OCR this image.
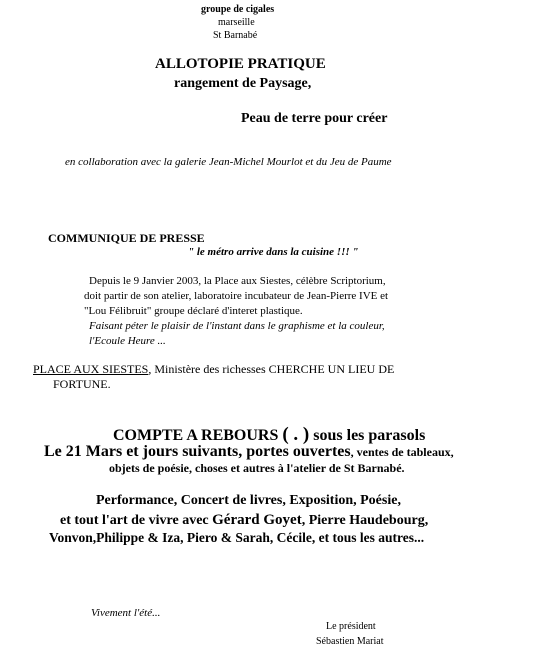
groupe de cigales
marseille
St Barnabé
ALLOTOPIE PRATIQUE
rangement de Paysage,
Peau de terre pour créer
en collaboration avec la galerie Jean-Michel Mourlot et du Jeu de Paume
COMMUNIQUE DE PRESSE
" le métro arrive dans la cuisine !!! "
Depuis le 9 Janvier 2003, la Place aux Siestes, célèbre Scriptorium,
doit partir de son atelier, laboratoire incubateur de Jean-Pierre IVE et
"Lou Félibruit" groupe déclaré d'interet plastique.
Faisant péter le plaisir de l'instant dans le graphisme et la couleur,
l'Ecoule Heure ...
PLACE AUX SIESTES, Ministère des richesses CHERCHE UN LIEU DE
FORTUNE.
COMPTE A REBOURS ( . ) sous les parasols
Le 21 Mars et jours suivants, portes ouvertes, ventes de tableaux,
objets de poésie, choses et autres à l'atelier de St Barnabé.
Performance, Concert de livres, Exposition, Poésie,
et tout l'art de vivre avec Gérard Goyet, Pierre Haudebourg,
Vonvon,Philippe & Iza, Piero & Sarah, Cécile, et tous les autres...
Vivement l'été...
Le président
Sébastien Mariat
